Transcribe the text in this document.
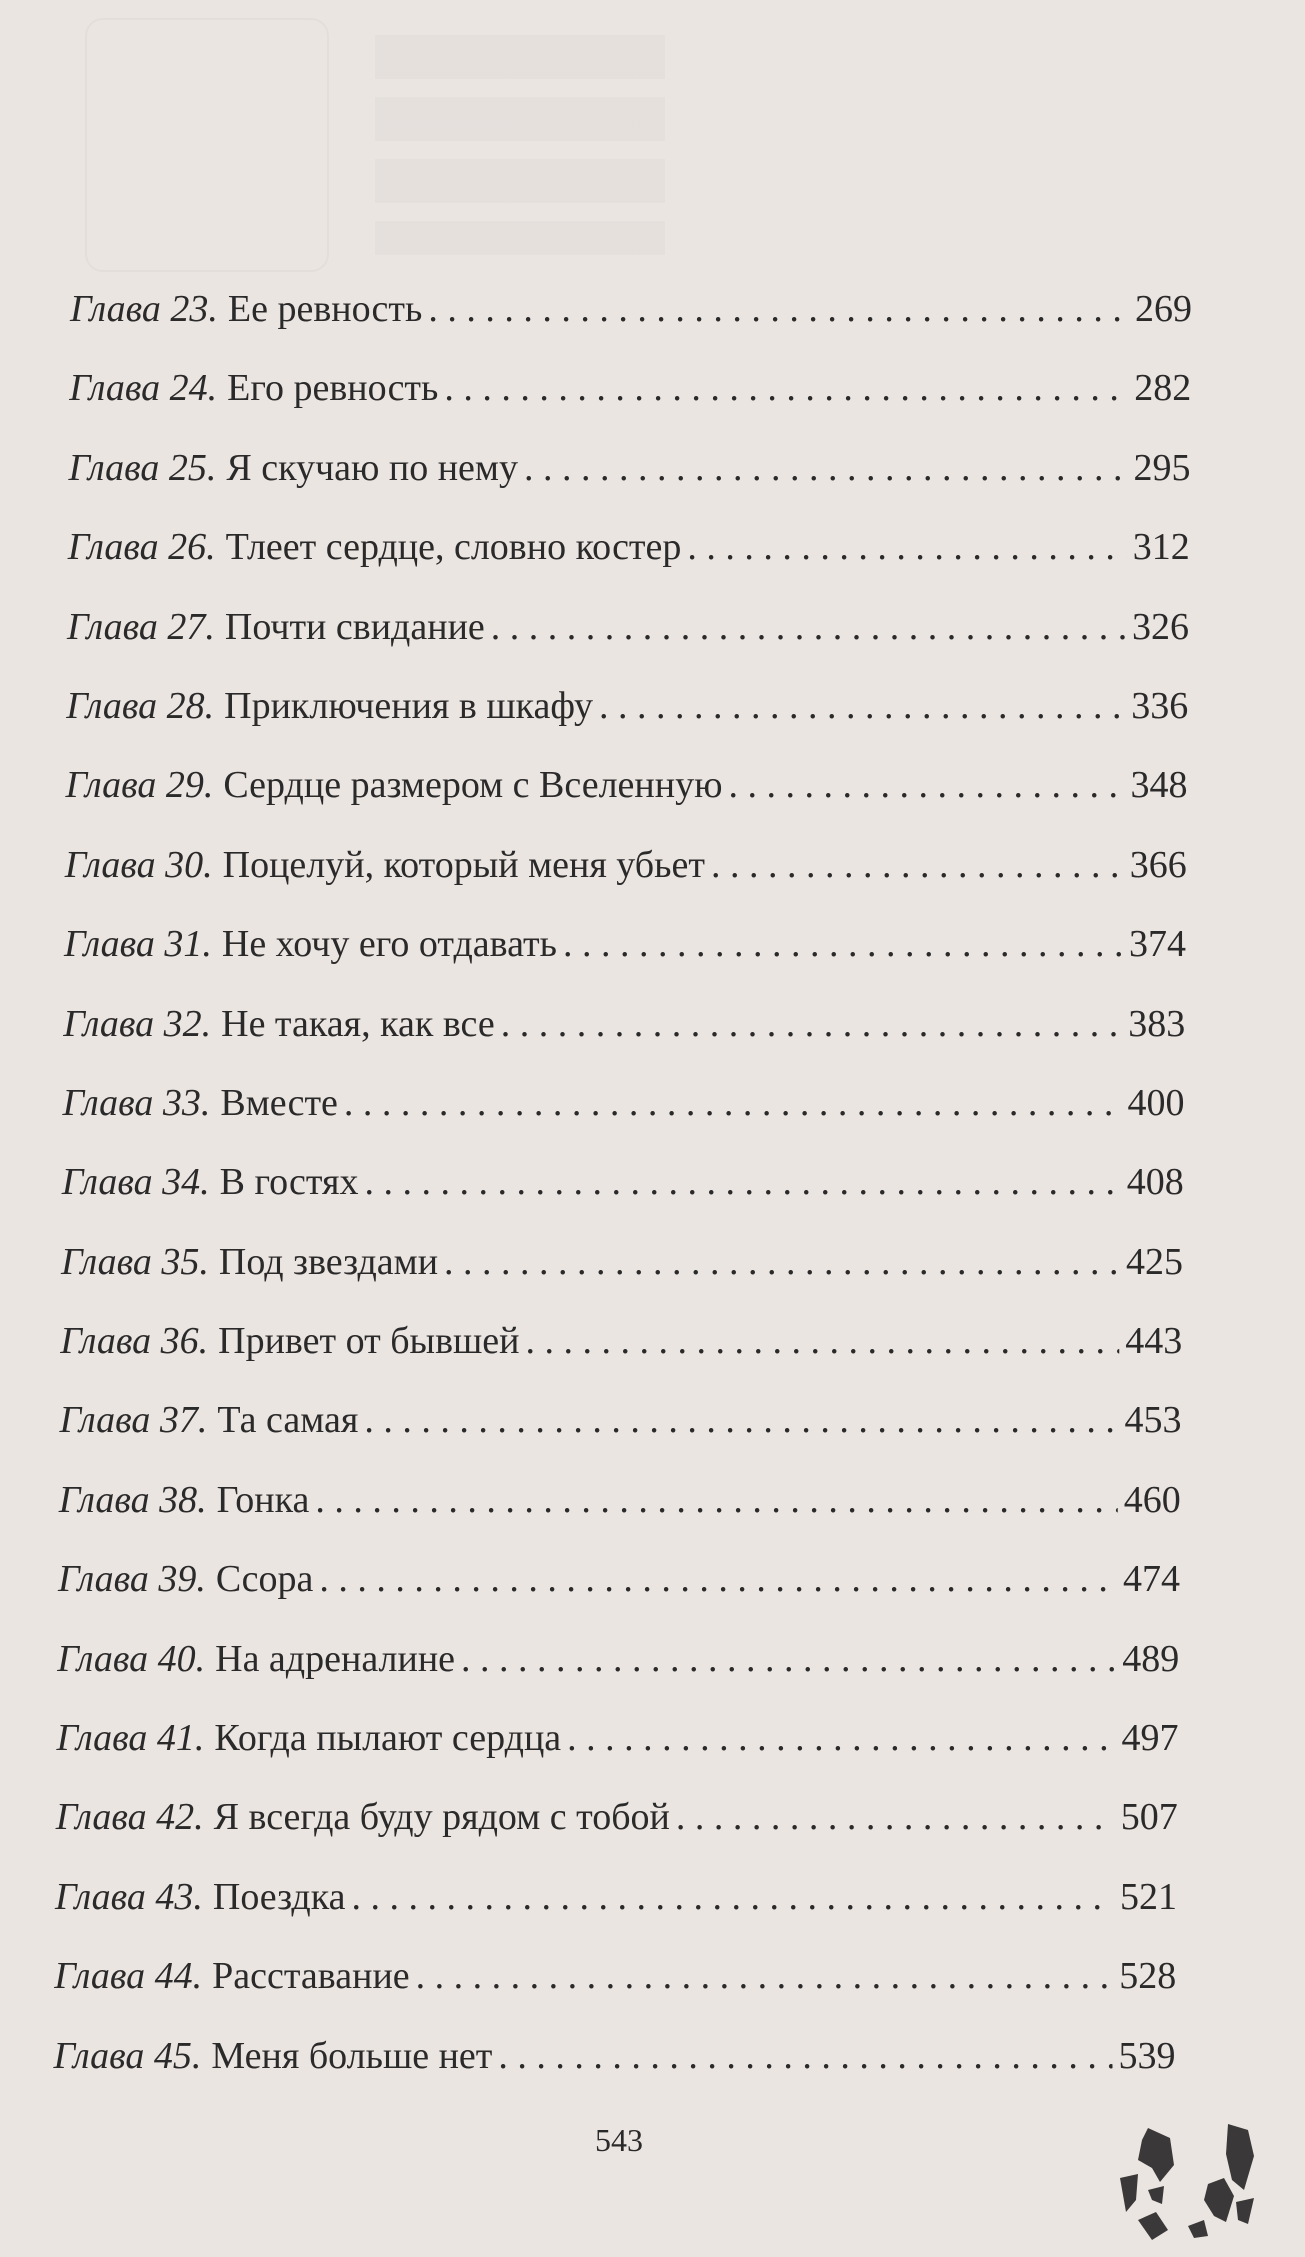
Глава 23. Ее ревность . . .	269
Глава 24. Его ревность . . .	282
Глава 25. Я скучаю по нему . . .	295
Глава 26. Тлеет сердце, словно костер . . .	312
Глава 27. Почти свидание . . .	326
Глава 28. Приключения в шкафу . . .	336
Глава 29. Сердце размером с Вселенную . . .	348
Глава 30. Поцелуй, который меня убьет . . .	366
Глава 31. Не хочу его отдавать . . .	374
Глава 32. Не такая, как все . . .	383
Глава 33. Вместе . . .	400
Глава 34. В гостях . . .	408
Глава 35. Под звездами . . .	425
Глава 36. Привет от бывшей . . .	443
Глава 37. Та самая . . .	453
Глава 38. Гонка . . .	460
Глава 39. Ссора . . .	474
Глава 40. На адреналине . . .	489
Глава 41. Когда пылают сердца . . .	497
Глава 42. Я всегда буду рядом с тобой . . .	507
Глава 43. Поездка . . .	521
Глава 44. Расставание . . .	528
Глава 45. Меня больше нет . . .	539
543
